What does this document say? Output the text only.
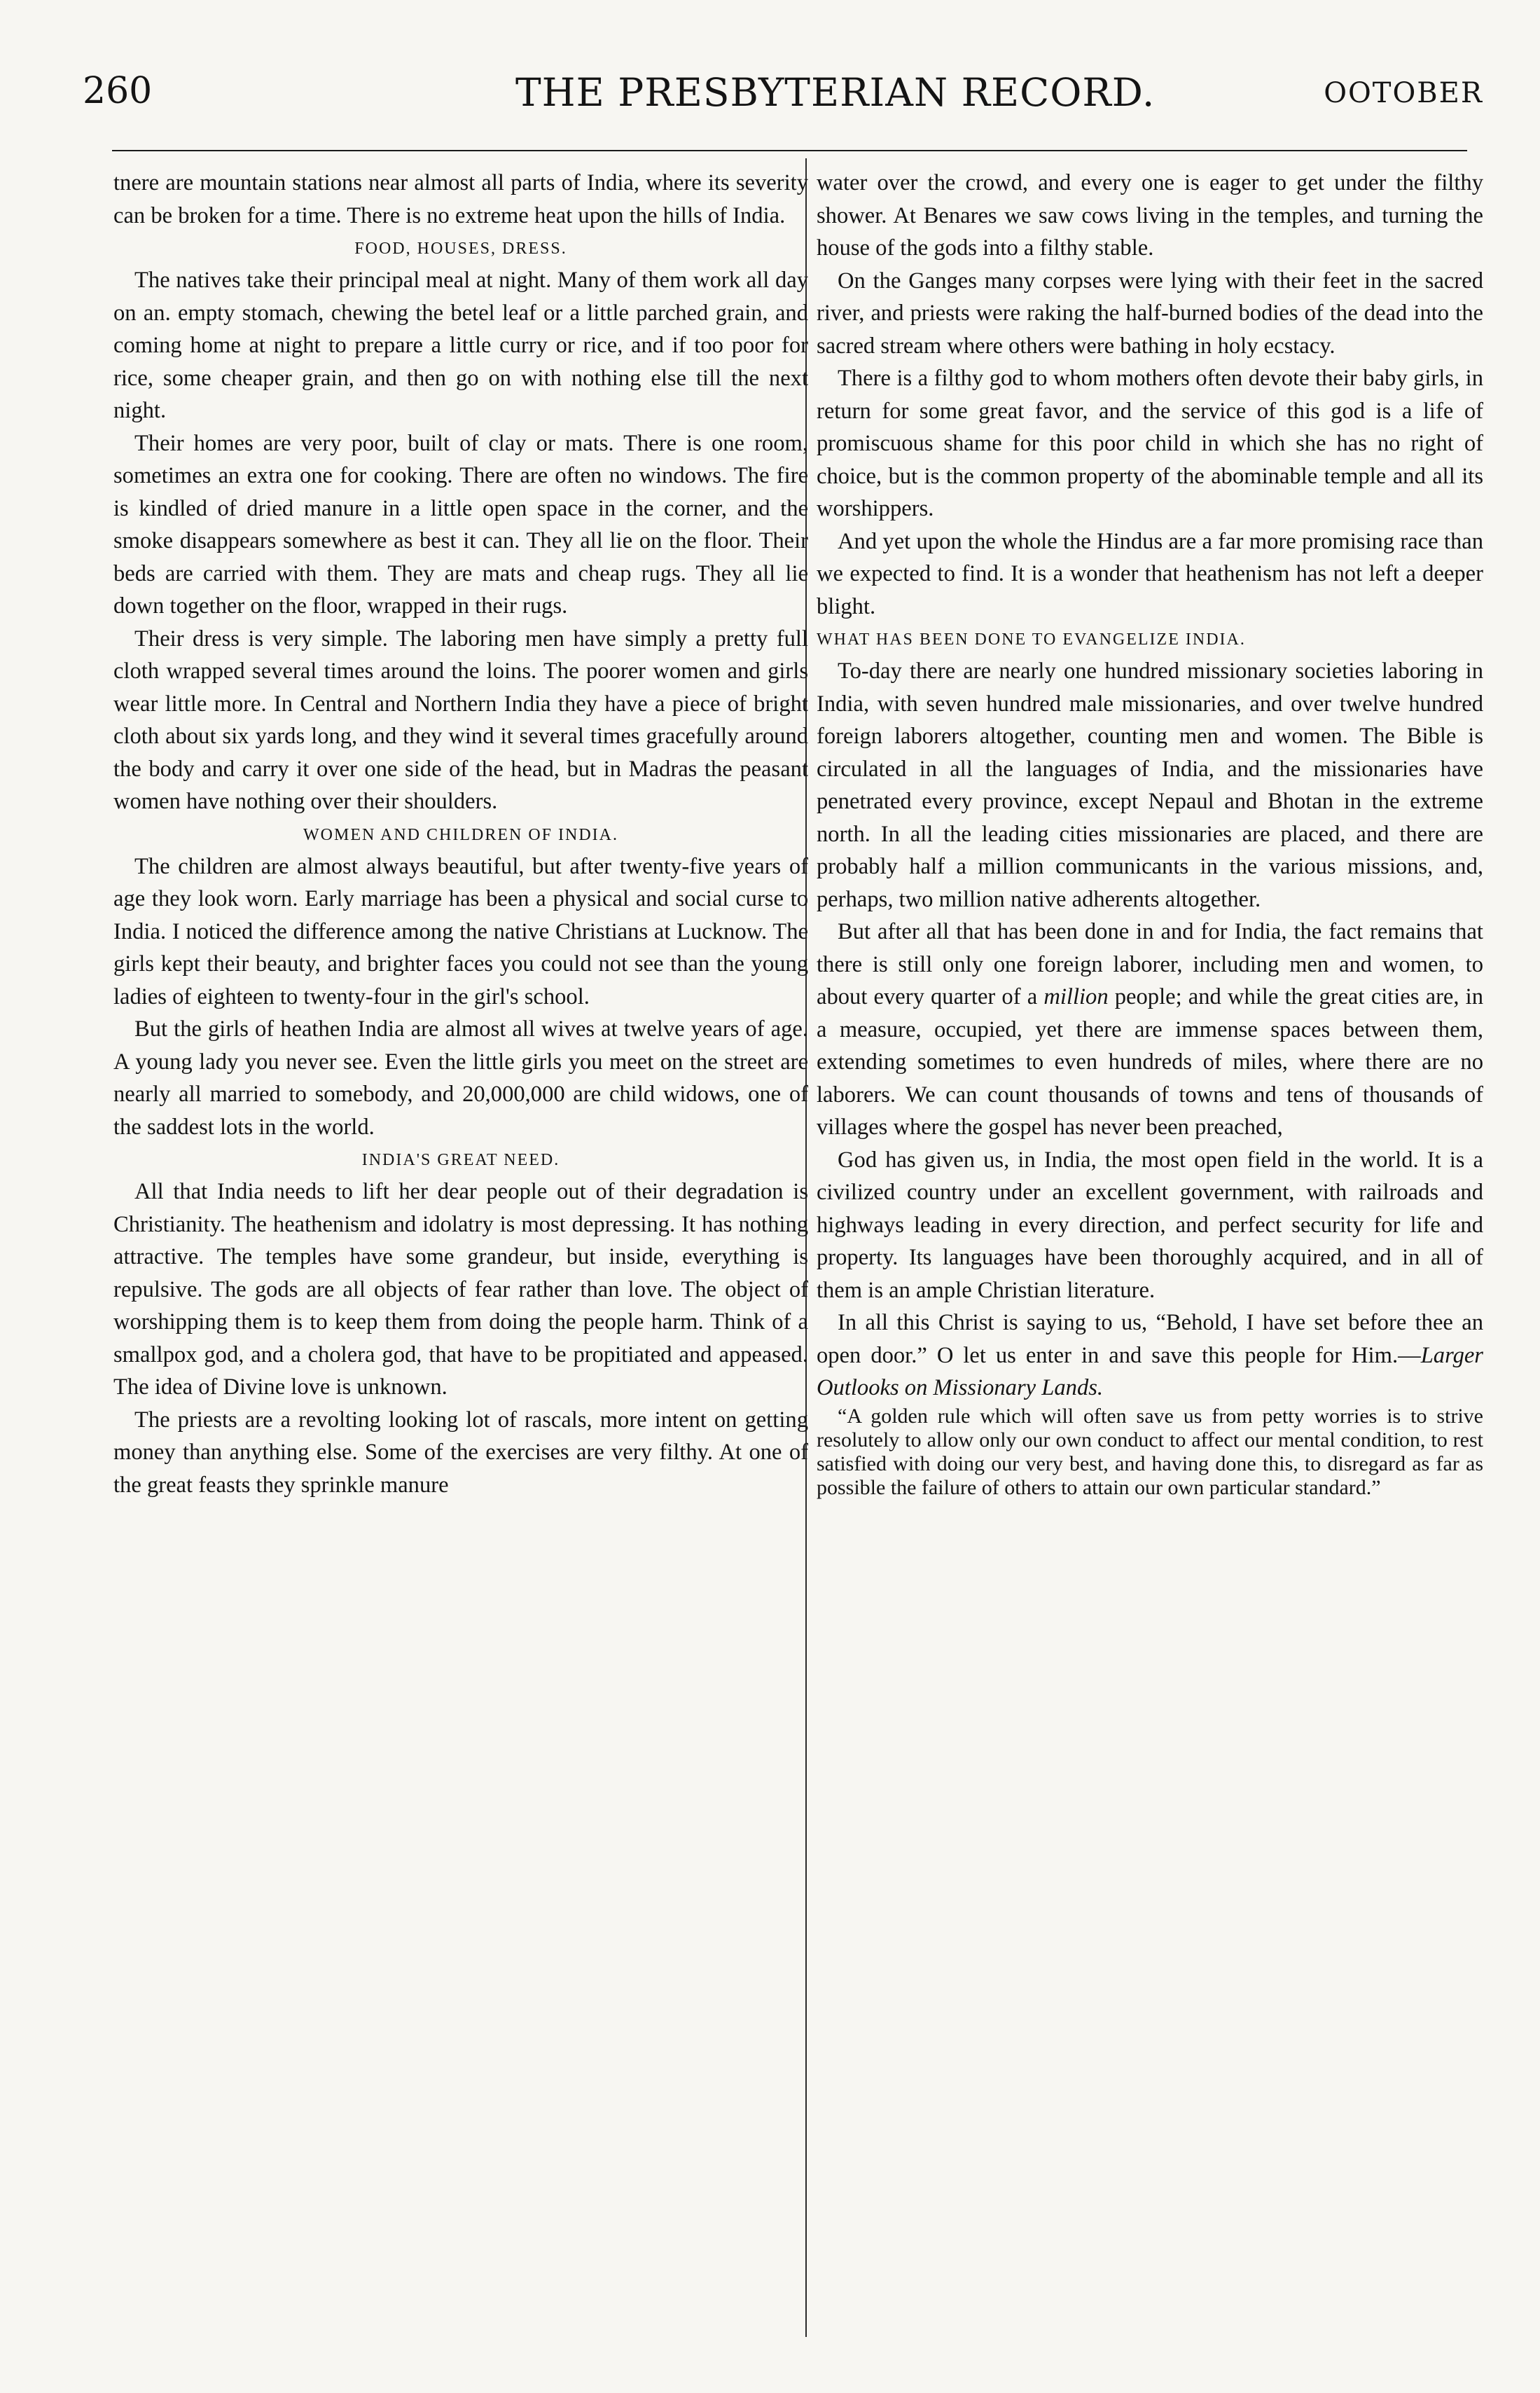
260	THE PRESBYTERIAN RECORD.	OOTOBER

tnere are mountain stations near almost all parts of India, where its severity can be broken for a time. There is no extreme heat upon the hills of India.

FOOD, HOUSES, DRESS.

The natives take their principal meal at night. Many of them work all day on an. empty stomach, chewing the betel leaf or a little parched grain, and coming home at night to prepare a little curry or rice, and if too poor for rice, some cheaper grain, and then go on with nothing else till the next night.

Their homes are very poor, built of clay or mats. There is one room, sometimes an extra one for cooking. There are often no windows. The fire is kindled of dried manure in a little open space in the corner, and the smoke disappears somewhere as best it can. They all lie on the floor. Their beds are carried with them. They are mats and cheap rugs. They all lie down together on the floor, wrapped in their rugs.

Their dress is very simple. The laboring men have simply a pretty full cloth wrapped several times around the loins. The poorer women and girls wear little more. In Central and Northern India they have a piece of bright cloth about six yards long, and they wind it several times gracefully around the body and carry it over one side of the head, but in Madras the peasant women have nothing over their shoulders.

WOMEN AND CHILDREN OF INDIA.

The children are almost always beautiful, but after twenty-five years of age they look worn. Early marriage has been a physical and social curse to India. I noticed the difference among the native Christians at Lucknow. The girls kept their beauty, and brighter faces you could not see than the young ladies of eighteen to twenty-four in the girl's school.

But the girls of heathen India are almost all wives at twelve years of age. A young lady you never see. Even the little girls you meet on the street are nearly all married to somebody, and 20,000,000 are child widows, one of the saddest lots in the world.

INDIA'S GREAT NEED.

All that India needs to lift her dear people out of their degradation is Christianity. The heathenism and idolatry is most depressing. It has nothing attractive. The temples have some grandeur, but inside, everything is repulsive. The gods are all objects of fear rather than love. The object of worshipping them is to keep them from doing the people harm. Think of a smallpox god, and a cholera god, that have to be propitiated and appeased. The idea of Divine love is unknown.

The priests are a revolting looking lot of rascals, more intent on getting money than anything else. Some of the exercises are very filthy. At one of the great feasts they sprinkle manure

water over the crowd, and every one is eager to get under the filthy shower. At Benares we saw cows living in the temples, and turning the house of the gods into a filthy stable.

On the Ganges many corpses were lying with their feet in the sacred river, and priests were raking the half-burned bodies of the dead into the sacred stream where others were bathing in holy ecstacy.

There is a filthy god to whom mothers often devote their baby girls, in return for some great favor, and the service of this god is a life of promiscuous shame for this poor child in which she has no right of choice, but is the common property of the abominable temple and all its worshippers.

And yet upon the whole the Hindus are a far more promising race than we expected to find. It is a wonder that heathenism has not left a deeper blight.

WHAT HAS BEEN DONE TO EVANGELIZE INDIA.

To-day there are nearly one hundred missionary societies laboring in India, with seven hundred male missionaries, and over twelve hundred foreign laborers altogether, counting men and women. The Bible is circulated in all the languages of India, and the missionaries have penetrated every province, except Nepaul and Bhotan in the extreme north. In all the leading cities missionaries are placed, and there are probably half a million communicants in the various missions, and, perhaps, two million native adherents altogether.

But after all that has been done in and for India, the fact remains that there is still only one foreign laborer, including men and women, to about every quarter of a million people; and while the great cities are, in a measure, occupied, yet there are immense spaces between them, extending sometimes to even hundreds of miles, where there are no laborers. We can count thousands of towns and tens of thousands of villages where the gospel has never been preached,

God has given us, in India, the most open field in the world. It is a civilized country under an excellent government, with railroads and highways leading in every direction, and perfect security for life and property. Its languages have been thoroughly acquired, and in all of them is an ample Christian literature.

In all this Christ is saying to us, “Behold, I have set before thee an open door.” O let us enter in and save this people for Him.—Larger Outlooks on Missionary Lands.

“A golden rule which will often save us from petty worries is to strive resolutely to allow only our own conduct to affect our mental condition, to rest satisfied with doing our very best, and having done this, to disregard as far as possible the failure of others to attain our own particular standard.”
